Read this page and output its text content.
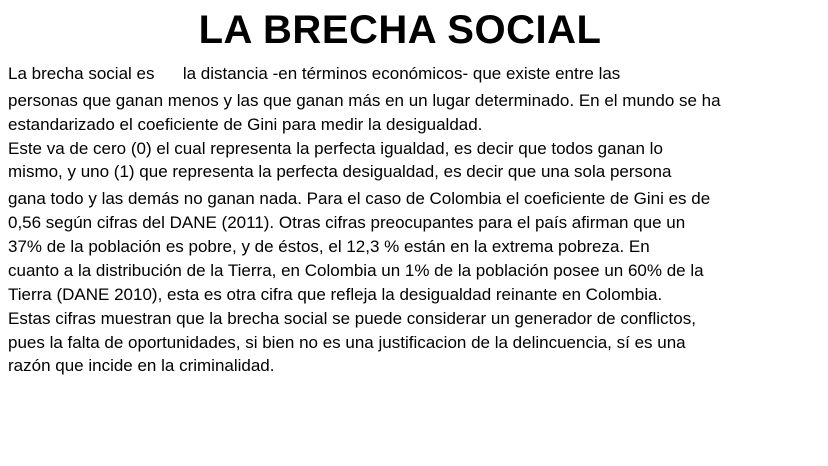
LA BRECHA SOCIAL
La brecha social es      la distancia -en términos económicos- que existe entre las
personas que ganan menos y las que ganan más en un lugar determinado. En el mundo se ha
estandarizado el coeficiente de Gini para medir la desigualdad.
Este va de cero (0) el cual representa la perfecta igualdad, es decir que todos ganan lo
mismo, y uno (1) que representa la perfecta desigualdad, es decir que una sola persona
gana todo y las demás no ganan nada. Para el caso de Colombia el coeficiente de Gini es de
0,56 según cifras del DANE (2011). Otras cifras preocupantes para el país afirman que un
37% de la población es pobre, y de éstos, el 12,3 % están en la extrema pobreza. En
cuanto a la distribución de la Tierra, en Colombia un 1% de la población posee un 60% de la
Tierra (DANE 2010), esta es otra cifra que refleja la desigualdad reinante en Colombia.
Estas cifras muestran que la brecha social se puede considerar un generador de conflictos,
pues la falta de oportunidades, si bien no es una justificacion de la delincuencia, sí es una
razón que incide en la criminalidad.
